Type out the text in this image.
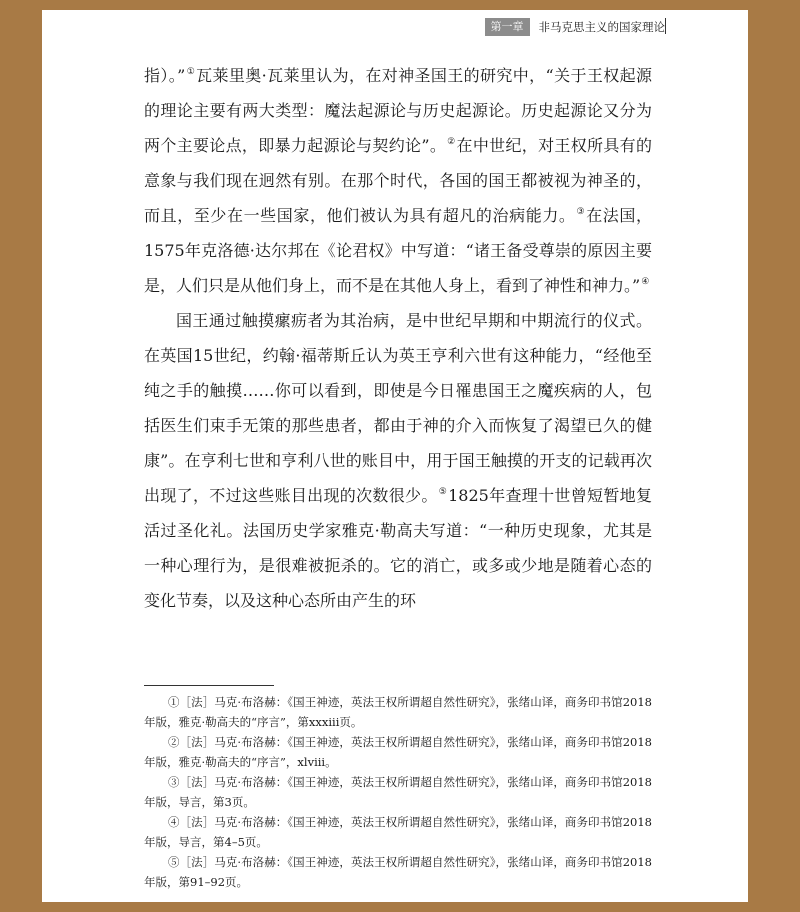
第一章	非马克思主义的国家理论

指）。”①瓦莱里奥·瓦莱里认为，在对神圣国王的研究中，“关于王权起源的理论主要有两大类型：魔法起源论与历史起源论。历史起源论又分为两个主要论点，即暴力起源论与契约论”。②在中世纪，对王权所具有的意象与我们现在迥然有别。在那个时代，各国的国王都被视为神圣的，而且，至少在一些国家，他们被认为具有超凡的治病能力。③在法国，1575年克洛德·达尔邦在《论君权》中写道：“诸王备受尊崇的原因主要是，人们只是从他们身上，而不是在其他人身上，看到了神性和神力。”④

国王通过触摸瘰疬者为其治病，是中世纪早期和中期流行的仪式。在英国15世纪，约翰·福蒂斯丘认为英王亨利六世有这种能力，“经他至纯之手的触摸……你可以看到，即使是今日罹患国王之魔疾病的人，包括医生们束手无策的那些患者，都由于神的介入而恢复了渴望已久的健康”。在亨利七世和亨利八世的账目中，用于国王触摸的开支的记载再次出现了，不过这些账目出现的次数很少。⑤1825年查理十世曾短暂地复活过圣化礼。法国历史学家雅克·勒高夫写道：“一种历史现象，尤其是一种心理行为，是很难被扼杀的。它的消亡，或多或少地是随着心态的变化节奏，以及这种心态所由产生的环

①［法］马克·布洛赫：《国王神迹，英法王权所谓超自然性研究》，张绪山译，商务印书馆2018年版，雅克·勒高夫的“序言”，第xxxiii页。

②［法］马克·布洛赫：《国王神迹，英法王权所谓超自然性研究》，张绪山译，商务印书馆2018年版，雅克·勒高夫的“序言”，xlviii。

③［法］马克·布洛赫：《国王神迹，英法王权所谓超自然性研究》，张绪山译，商务印书馆2018年版，导言，第3页。

④［法］马克·布洛赫：《国王神迹，英法王权所谓超自然性研究》，张绪山译，商务印书馆2018年版，导言，第4–5页。

⑤［法］马克·布洛赫：《国王神迹，英法王权所谓超自然性研究》，张绪山译，商务印书馆2018年版，第91–92页。
